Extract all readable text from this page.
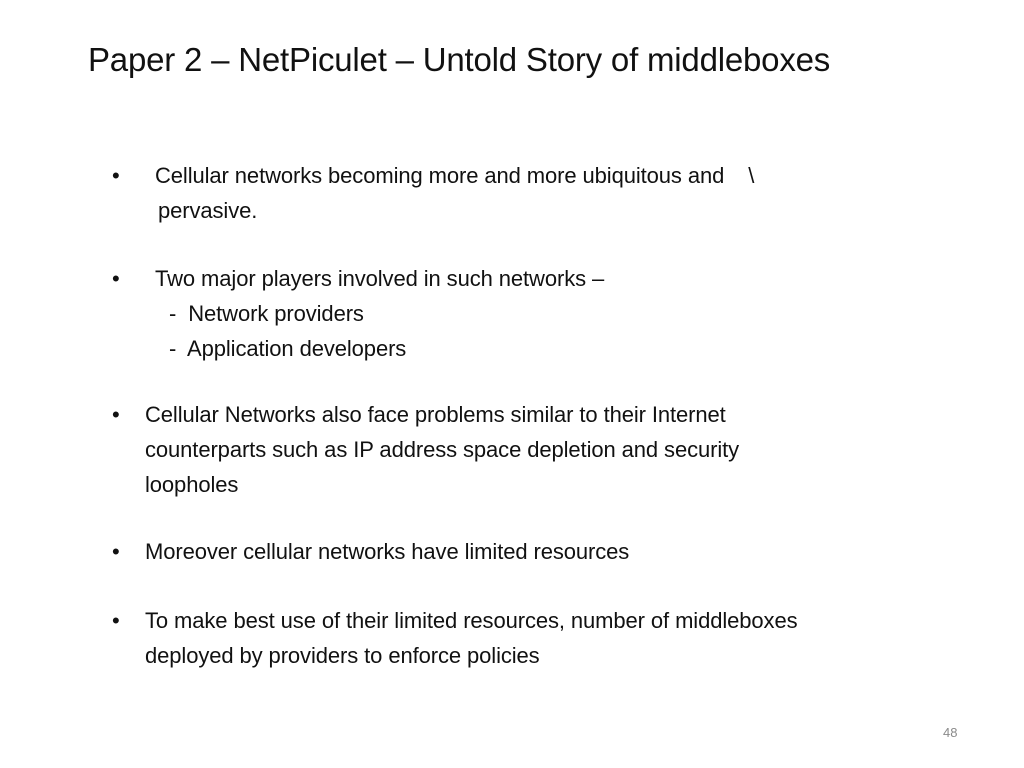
Paper 2 – NetPiculet – Untold Story of middleboxes
• Cellular networks becoming more and more ubiquitous and    \
pervasive.
• Two major players involved in such networks –
-  Network providers
-  Application developers
• Cellular Networks also face problems similar to their Internet
counterparts such as IP address space depletion and security
loopholes
• Moreover cellular networks have limited resources
• To make best use of their limited resources, number of middleboxes
deployed by providers to enforce policies
48
